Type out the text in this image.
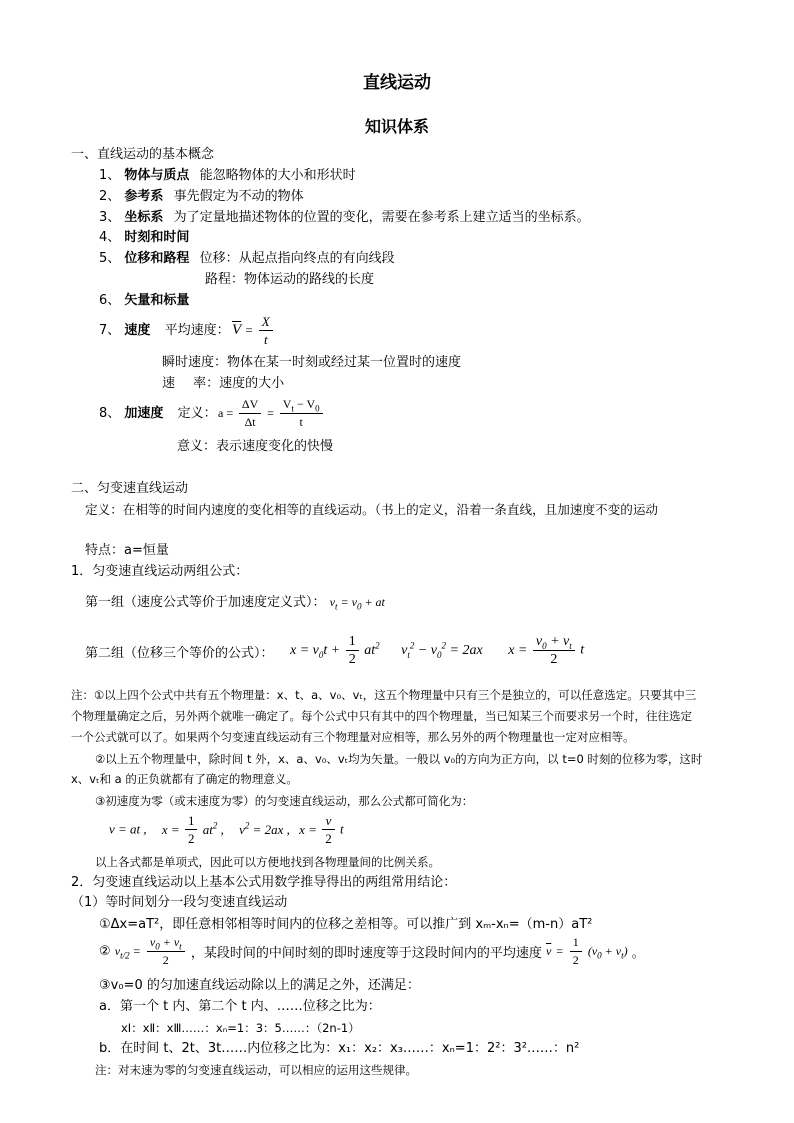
直线运动
知识体系
一、直线运动的基本概念
1、 物体与质点 能忽略物体的大小和形状时
2、 参考系 事先假定为不动的物体
3、 坐标系 为了定量地描述物体的位置的变化，需要在参考系上建立适当的坐标系。
4、 时刻和时间
5、 位移和路程 位移：从起点指向终点的有向线段
路程：物体运动的路线的长度
6、 矢量和标量
7、 速度 平均速度： $\overline{V} = \frac{X}{t}$
瞬时速度：物体在某一时刻或经过某一位置时的速度
速 率：速度的大小
8、 加速度 定义： $a = \frac{\Delta V}{\Delta t} = \frac{V_t - V_0}{t}$
意义：表示速度变化的快慢
二、匀变速直线运动
定义：在相等的时间内速度的变化相等的直线运动。（书上的定义，沿着一条直线，且加速度不变的运动
特点：a=恒量
1．匀变速直线运动两组公式：
第一组（速度公式等价于加速度定义式）： $v_t = v_0$ + at
第二组（位移三个等价的公式）： $x = v_0t + \frac{1}{2} at^2$ $v_t^2 - v_0^2 = 2ax$ $x = \frac{v_0 + v_t}{2}$ t
注：①以上四个公式中共有五个物理量：x、t、a、v₀、vₜ，这五个物理量中只有三个是独立的，可以任意选定。只要其中三
个物理量确定之后，另外两个就唯一确定了。每个公式中只有其中的四个物理量，当已知某三个而要求另一个时，往往选定
一个公式就可以了。如果两个匀变速直线运动有三个物理量对应相等，那么另外的两个物理量也一定对应相等。
②以上五个物理量中，除时间 t 外，x、a、v₀、vₜ均为矢量。一般以 v₀的方向为正方向，以 t=0 时刻的位移为零，这时
x、vₜ和 a 的正负就都有了确定的物理意义。
③初速度为零（或末速度为零）的匀变速直线运动，那么公式都可简化为：
v = at , $x = \frac{1}{2} at^2$ , $v^2 = 2ax$ , $x = \frac{v}{2}$ t
以上各式都是单项式，因此可以方便地找到各物理量间的比例关系。
2．匀变速直线运动以上基本公式用数学推导得出的两组常用结论：
（1）等时间划分一段匀变速直线运动
①Δx=aT²，即任意相邻相等时间内的位移之差相等。可以推广到 xₘ-xₙ=（m-n）aT²
② $v_{t/2} = \frac{v_0 + v_t}{2}$ ，某段时间的中间时刻的即时速度等于这段时间内的平均速度 $\overline{v} = \frac{1}{2} (v_0 + v_t)$ 。
③v₀=0 的匀加速直线运动除以上的满足之外，还满足：
a．第一个 t 内、第二个 t 内、……位移之比为：
xⅠ：xⅡ：xⅢ……：xₙ=1：3：5……：（2n-1）
b．在时间 t、2t、3t……内位移之比为：x₁：x₂：x₃……：xₙ=1：2²：3²……：n²
注：对末速为零的匀变速直线运动，可以相应的运用这些规律。
